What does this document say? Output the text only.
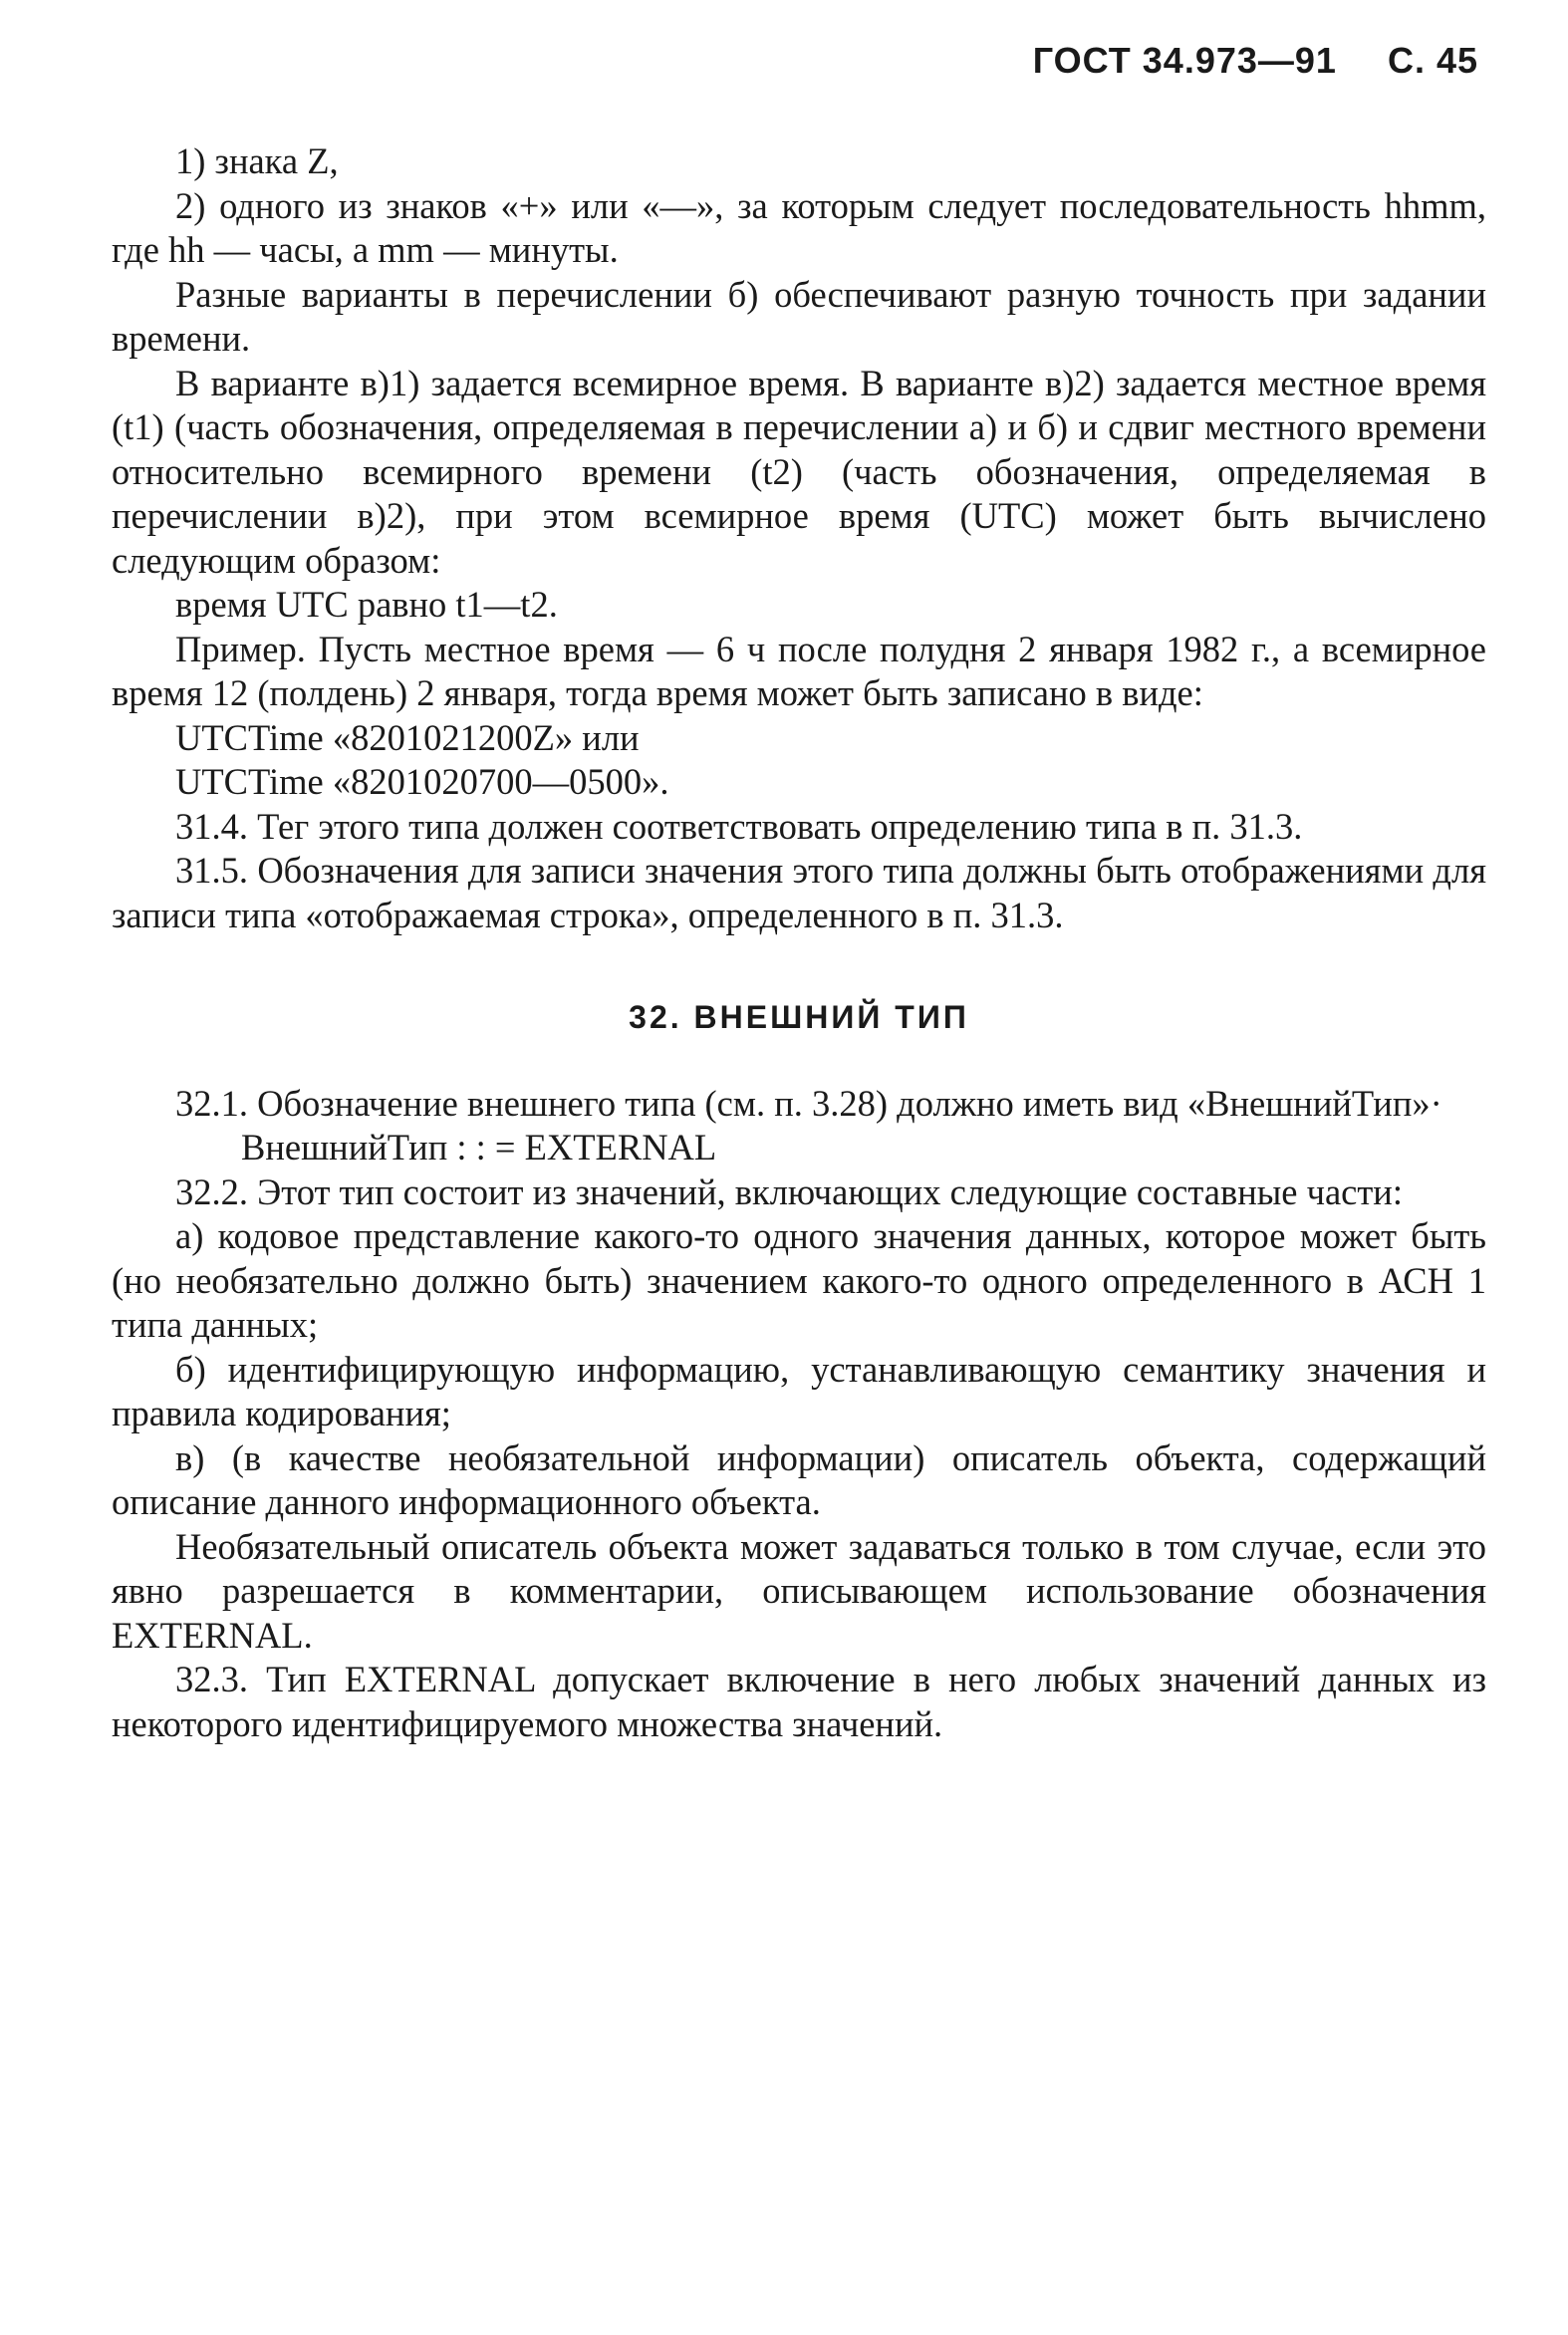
ГОСТ 34.973—91 С. 45

1) знака Z,

2) одного из знаков «+» или «—», за которым следует последовательность hhmm, где hh — часы, а mm — минуты.

Разные варианты в перечислении б) обеспечивают разную точность при задании времени.

В варианте в)1) задается всемирное время. В варианте в)2) задается местное время (t1) (часть обозначения, определяемая в перечислении а) и б) и сдвиг местного времени относительно всемирного времени (t2) (часть обозначения, определяемая в перечислении в)2), при этом всемирное время (UTC) может быть вычислено следующим образом:

время UTC равно t1—t2.

Пример. Пусть местное время — 6 ч после полудня 2 января 1982 г., а всемирное время 12 (полдень) 2 января, тогда время может быть записано в виде:

UTCTime «8201021200Z» или

UTCTime «8201020700—0500».

31.4. Тег этого типа должен соответствовать определению типа в п. 31.3.

31.5. Обозначения для записи значения этого типа должны быть отображениями для записи типа «отображаемая строка», определенного в п. 31.3.

32. ВНЕШНИЙ ТИП

32.1. Обозначение внешнего типа (см. п. 3.28) должно иметь вид «ВнешнийТип»·

ВнешнийТип : : = EXTERNAL

32.2. Этот тип состоит из значений, включающих следующие составные части:

а) кодовое представление какого-то одного значения данных, которое может быть (но необязательно должно быть) значением какого-то одного определенного в АСН 1 типа данных;

б) идентифицирующую информацию, устанавливающую семантику значения и правила кодирования;

в) (в качестве необязательной информации) описатель объекта, содержащий описание данного информационного объекта.

Необязательный описатель объекта может задаваться только в том случае, если это явно разрешается в комментарии, описывающем использование обозначения EXTERNAL.

32.3. Тип EXTERNAL допускает включение в него любых значений данных из некоторого идентифицируемого множества значений.
